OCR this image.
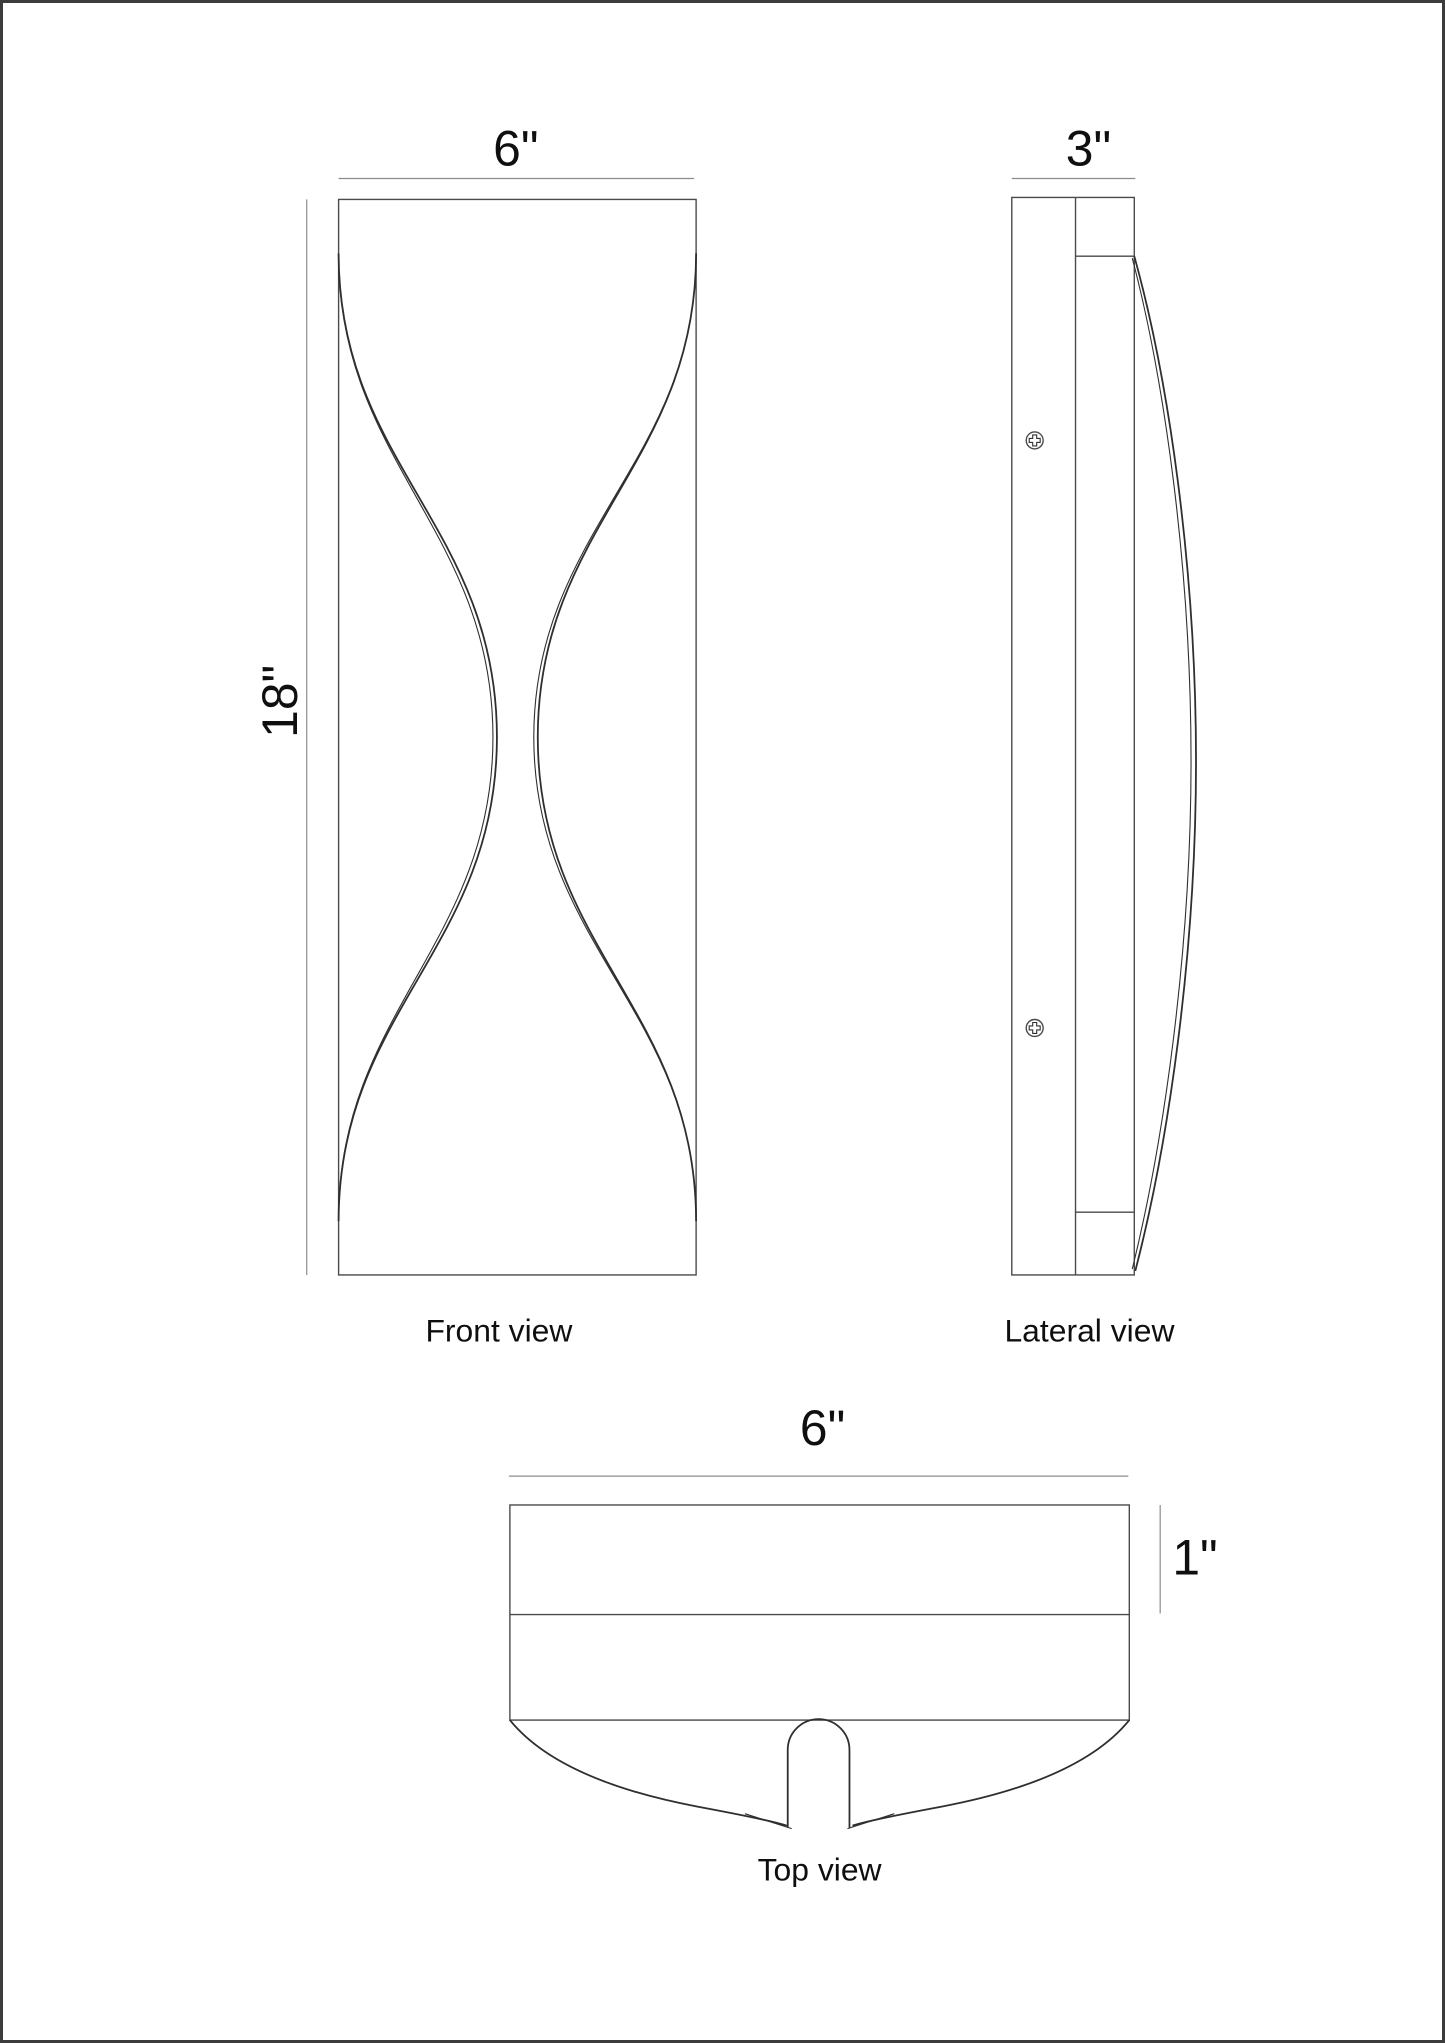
6"
18"
Front view
3"
Lateral view
6"
1"
Top view
